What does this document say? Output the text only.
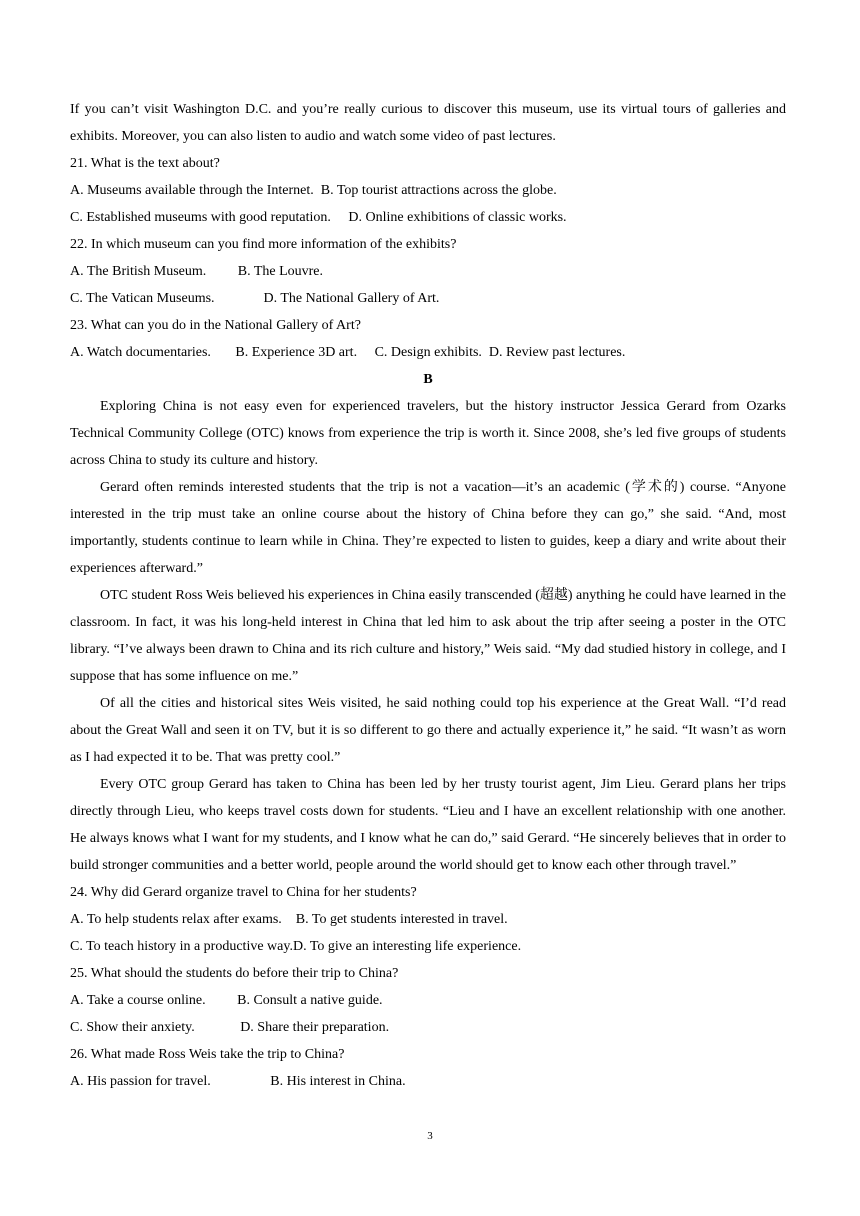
If you can’t visit Washington D.C. and you’re really curious to discover this museum, use its virtual tours of galleries and exhibits. Moreover, you can also listen to audio and watch some video of past lectures.

21. What is the text about?

A. Museums available through the Internet.  B. Top tourist attractions across the globe.

C. Established museums with good reputation.     D. Online exhibitions of classic works.

22. In which museum can you find more information of the exhibits?

A. The British Museum.         B. The Louvre.

C. The Vatican Museums.              D. The National Gallery of Art.

23. What can you do in the National Gallery of Art?

A. Watch documentaries.       B. Experience 3D art.     C. Design exhibits.  D. Review past lectures.

B

Exploring China is not easy even for experienced travelers, but the history instructor Jessica Gerard from Ozarks Technical Community College (OTC) knows from experience the trip is worth it. Since 2008, she’s led five groups of students across China to study its culture and history.

Gerard often reminds interested students that the trip is not a vacation—it’s an academic (学术的) course. “Anyone interested in the trip must take an online course about the history of China before they can go,” she said. “And, most importantly, students continue to learn while in China. They’re expected to listen to guides, keep a diary and write about their experiences afterward.”

OTC student Ross Weis believed his experiences in China easily transcended (超越) anything he could have learned in the classroom. In fact, it was his long-held interest in China that led him to ask about the trip after seeing a poster in the OTC library. “I’ve always been drawn to China and its rich culture and history,” Weis said. “My dad studied history in college, and I suppose that has some influence on me.”

Of all the cities and historical sites Weis visited, he said nothing could top his experience at the Great Wall. “I’d read about the Great Wall and seen it on TV, but it is so different to go there and actually experience it,” he said. “It wasn’t as worn as I had expected it to be. That was pretty cool.”

Every OTC group Gerard has taken to China has been led by her trusty tourist agent, Jim Lieu. Gerard plans her trips directly through Lieu, who keeps travel costs down for students. “Lieu and I have an excellent relationship with one another. He always knows what I want for my students, and I know what he can do,” said Gerard. “He sincerely believes that in order to build stronger communities and a better world, people around the world should get to know each other through travel.”

24. Why did Gerard organize travel to China for her students?

A. To help students relax after exams.    B. To get students interested in travel.

C. To teach history in a productive way.D. To give an interesting life experience.

25. What should the students do before their trip to China?

A. Take a course online.         B. Consult a native guide.

C. Show their anxiety.             D. Share their preparation.

26. What made Ross Weis take the trip to China?

A. His passion for travel.                 B. His interest in China.

3
